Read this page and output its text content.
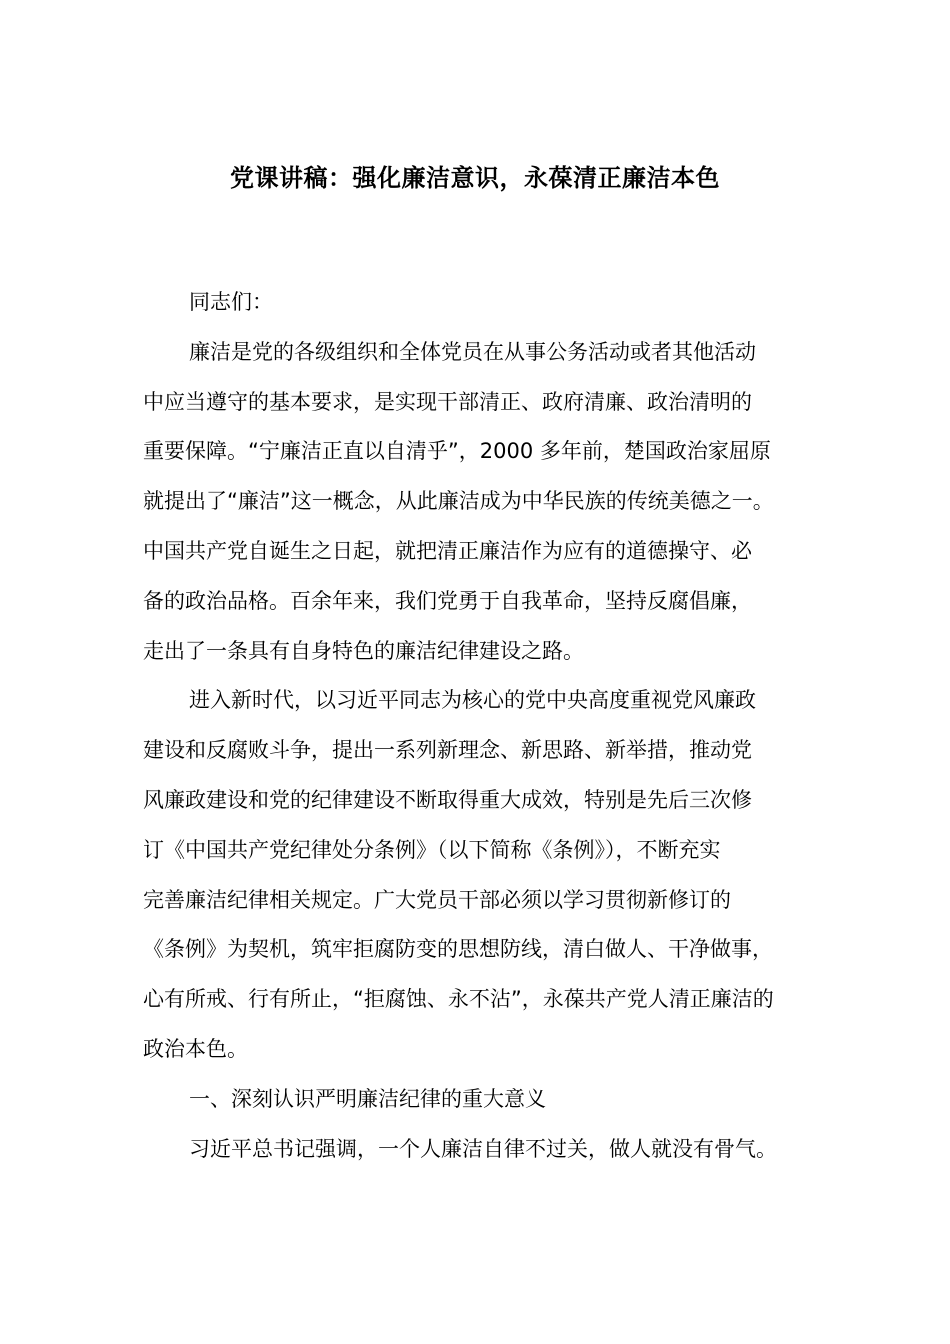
党课讲稿：强化廉洁意识，永葆清正廉洁本色
同志们：
廉洁是党的各级组织和全体党员在从事公务活动或者其他活动
中应当遵守的基本要求，是实现干部清正、政府清廉、政治清明的
重要保障。“宁廉洁正直以自清乎”，2000 多年前，楚国政治家屈原
就提出了“廉洁”这一概念，从此廉洁成为中华民族的传统美德之一。
中国共产党自诞生之日起，就把清正廉洁作为应有的道德操守、必
备的政治品格。百余年来，我们党勇于自我革命，坚持反腐倡廉，
走出了一条具有自身特色的廉洁纪律建设之路。
进入新时代，以习近平同志为核心的党中央高度重视党风廉政
建设和反腐败斗争，提出一系列新理念、新思路、新举措，推动党
风廉政建设和党的纪律建设不断取得重大成效，特别是先后三次修
订《中国共产党纪律处分条例》（以下简称《条例》），不断充实
完善廉洁纪律相关规定。广大党员干部必须以学习贯彻新修订的
《条例》为契机，筑牢拒腐防变的思想防线，清白做人、干净做事，
心有所戒、行有所止，“拒腐蚀、永不沾”，永葆共产党人清正廉洁的
政治本色。
一、深刻认识严明廉洁纪律的重大意义
习近平总书记强调，一个人廉洁自律不过关，做人就没有骨气。
